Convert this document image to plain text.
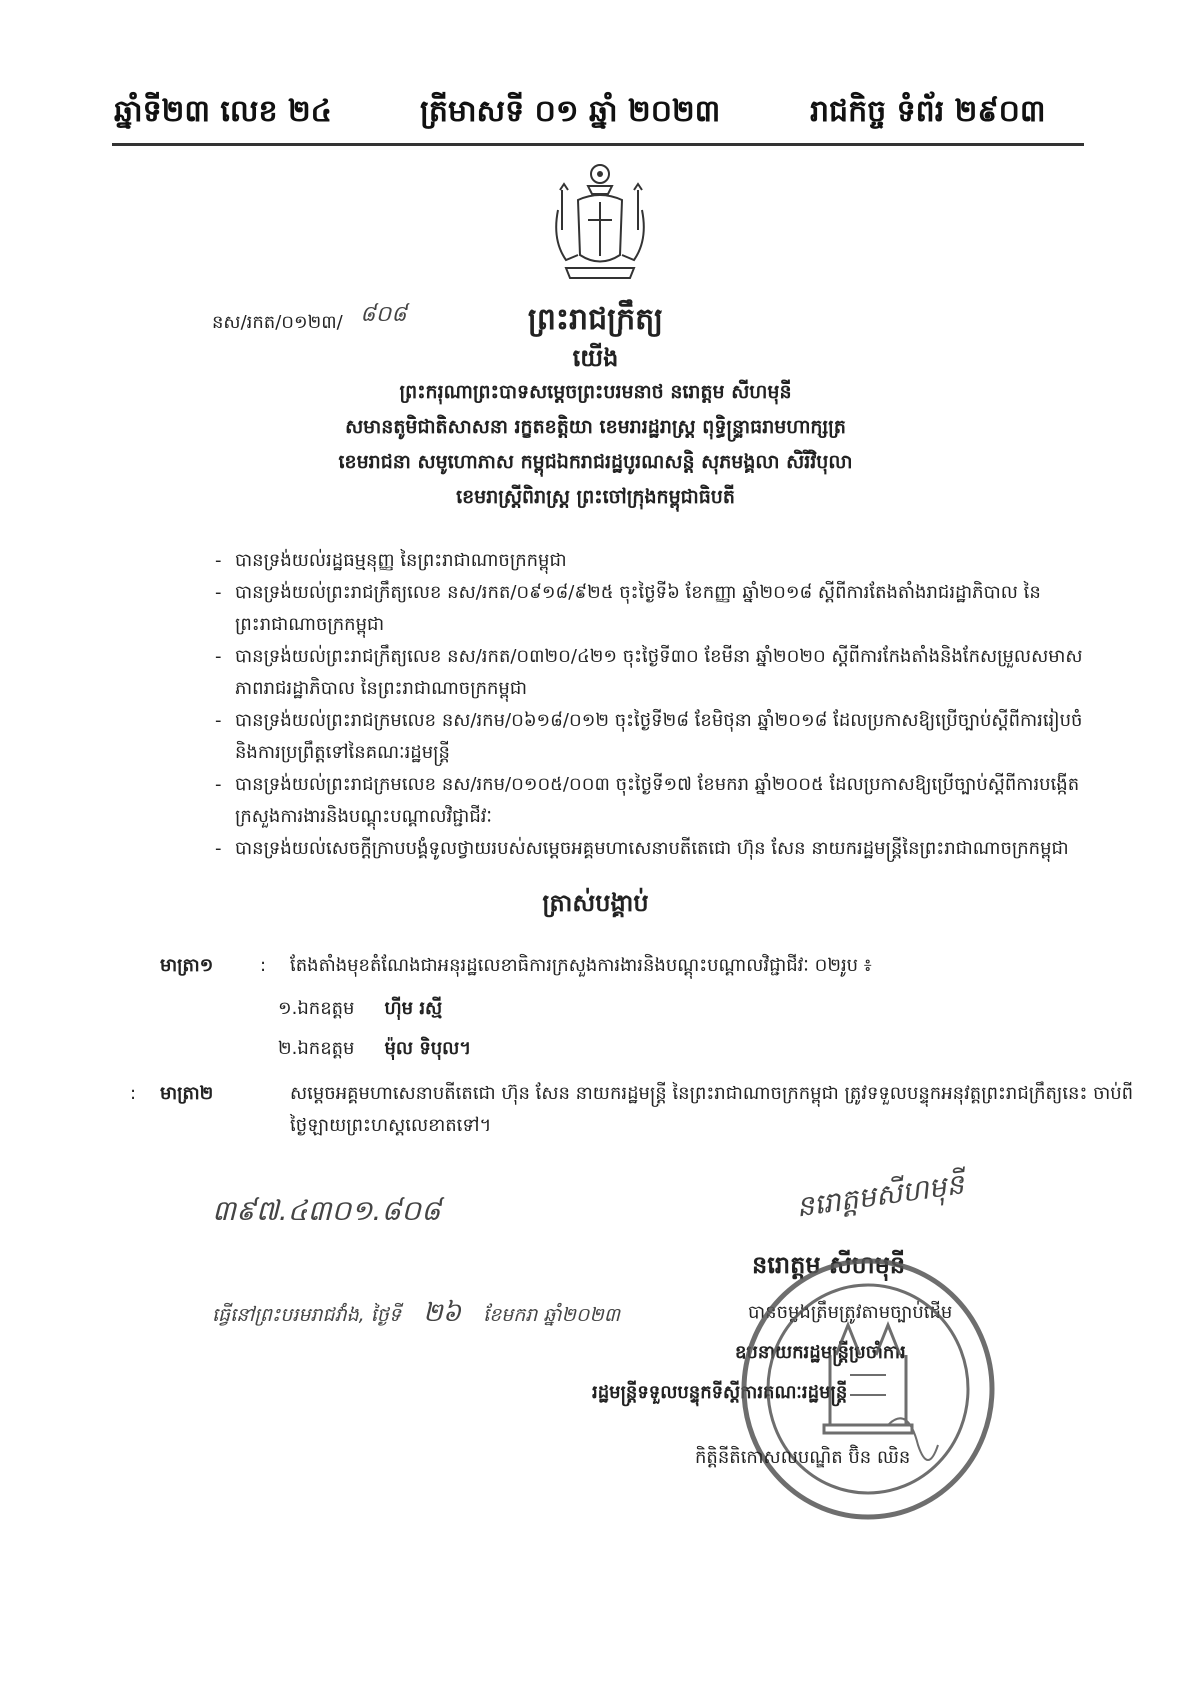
ឆ្នាំទី២៣ លេខ ២៤	ត្រីមាសទី ០១ ឆ្នាំ ២០២៣	រាជកិច្ច ទំព័រ ២៩០៣
ព្រះរាជក្រឹត្យ
នស/រកត/០១២៣/ ៨០៨
យើង
ព្រះករុណាព្រះបាទសម្តេចព្រះបរមនាថ នរោត្តម សីហមុនី
សមានតូមិជាតិសាសនា រក្ខតខត្តិយា ខេមរារដ្ឋរាស្ត្រ ពុទ្ធិន្ទ្រាធរាមហាក្សត្រ
ខេមរាជនា សមូហោភាស កម្ពុជឯករាជរដ្ឋបូរណសន្តិ សុភមង្គលា សិរីវិបុលា
ខេមរាស្ត្រីពិរាស្ត្រ ព្រះចៅក្រុងកម្ពុជាធិបតី
- បានទ្រង់យល់រដ្ឋធម្មនុញ្ញ នៃព្រះរាជាណាចក្រកម្ពុជា
- បានទ្រង់យល់ព្រះរាជក្រឹត្យលេខ នស/រកត/០៩១៨/៩២៥ ចុះថ្ងៃទី៦ ខែកញ្ញា ឆ្នាំ២០១៨ ស្តីពីការតែងតាំងរាជរដ្ឋាភិបាល នៃព្រះរាជាណាចក្រកម្ពុជា
- បានទ្រង់យល់ព្រះរាជក្រឹត្យលេខ នស/រកត/០៣២០/៤២១ ចុះថ្ងៃទី៣០ ខែមីនា ឆ្នាំ២០២០ ស្តីពីការកែងតាំងនិងកែសម្រួលសមាសភាពរាជរដ្ឋាភិបាល នៃព្រះរាជាណាចក្រកម្ពុជា
- បានទ្រង់យល់ព្រះរាជក្រមលេខ នស/រកម/០៦១៨/០១២ ចុះថ្ងៃទី២៨ ខែមិថុនា ឆ្នាំ២០១៨ ដែលប្រកាសឱ្យប្រើច្បាប់ស្តីពីការរៀបចំនិងការប្រព្រឹត្តទៅនៃគណៈរដ្ឋមន្ត្រី
- បានទ្រង់យល់ព្រះរាជក្រមលេខ នស/រកម/០១០៥/០០៣ ចុះថ្ងៃទី១៧ ខែមករា ឆ្នាំ២០០៥ ដែលប្រកាសឱ្យប្រើច្បាប់ស្តីពីការបង្កើតក្រសួងការងារនិងបណ្តុះបណ្តាលវិជ្ជាជីវៈ
- បានទ្រង់យល់សេចក្តីក្រាបបង្គំទូលថ្វាយរបស់សម្តេចអគ្គមហាសេនាបតីតេជោ ហ៊ុន សែន នាយករដ្ឋមន្ត្រីនៃព្រះរាជាណាចក្រកម្ពុជា
ត្រាស់បង្គាប់
មាត្រា១	: តែងតាំងមុខតំណែងជាអនុរដ្ឋលេខាធិការក្រសួងការងារនិងបណ្តុះបណ្តាលវិជ្ជាជីវៈ ០២រូប ៖
១.ឯកឧត្តម ហ៊ីម រស្មី
២.ឯកឧត្តម ម៉ុល ទិបុល។
មាត្រា២:	សម្តេចអគ្គមហាសេនាបតីតេជោ ហ៊ុន សែន នាយករដ្ឋមន្ត្រី នៃព្រះរាជាណាចក្រកម្ពុជា ត្រូវទទួលបន្ទុកអនុវត្តព្រះរាជក្រឹត្យនេះ ចាប់ពីថ្ងៃឡាយព្រះហស្តលេខាតទៅ។
៣៩៧.៤៣០១.៨០៨
ធ្វើនៅព្រះបរមរាជវាំង, ថ្ងៃទី ២៦ ខែមករា ឆ្នាំ២០២៣
នរោត្តមសីហមុនី
នរោត្តម សីហមុនី
បានចម្លងត្រឹមត្រូវតាមច្បាប់ដើម
ឧបនាយករដ្ឋមន្ត្រីប្រចាំការ
រដ្ឋមន្ត្រីទទួលបន្ទុកទីស្តីការគណៈរដ្ឋមន្ត្រី
កិត្តិនីតិកោសលបណ្ឌិត ប៊ិន ឈិន
